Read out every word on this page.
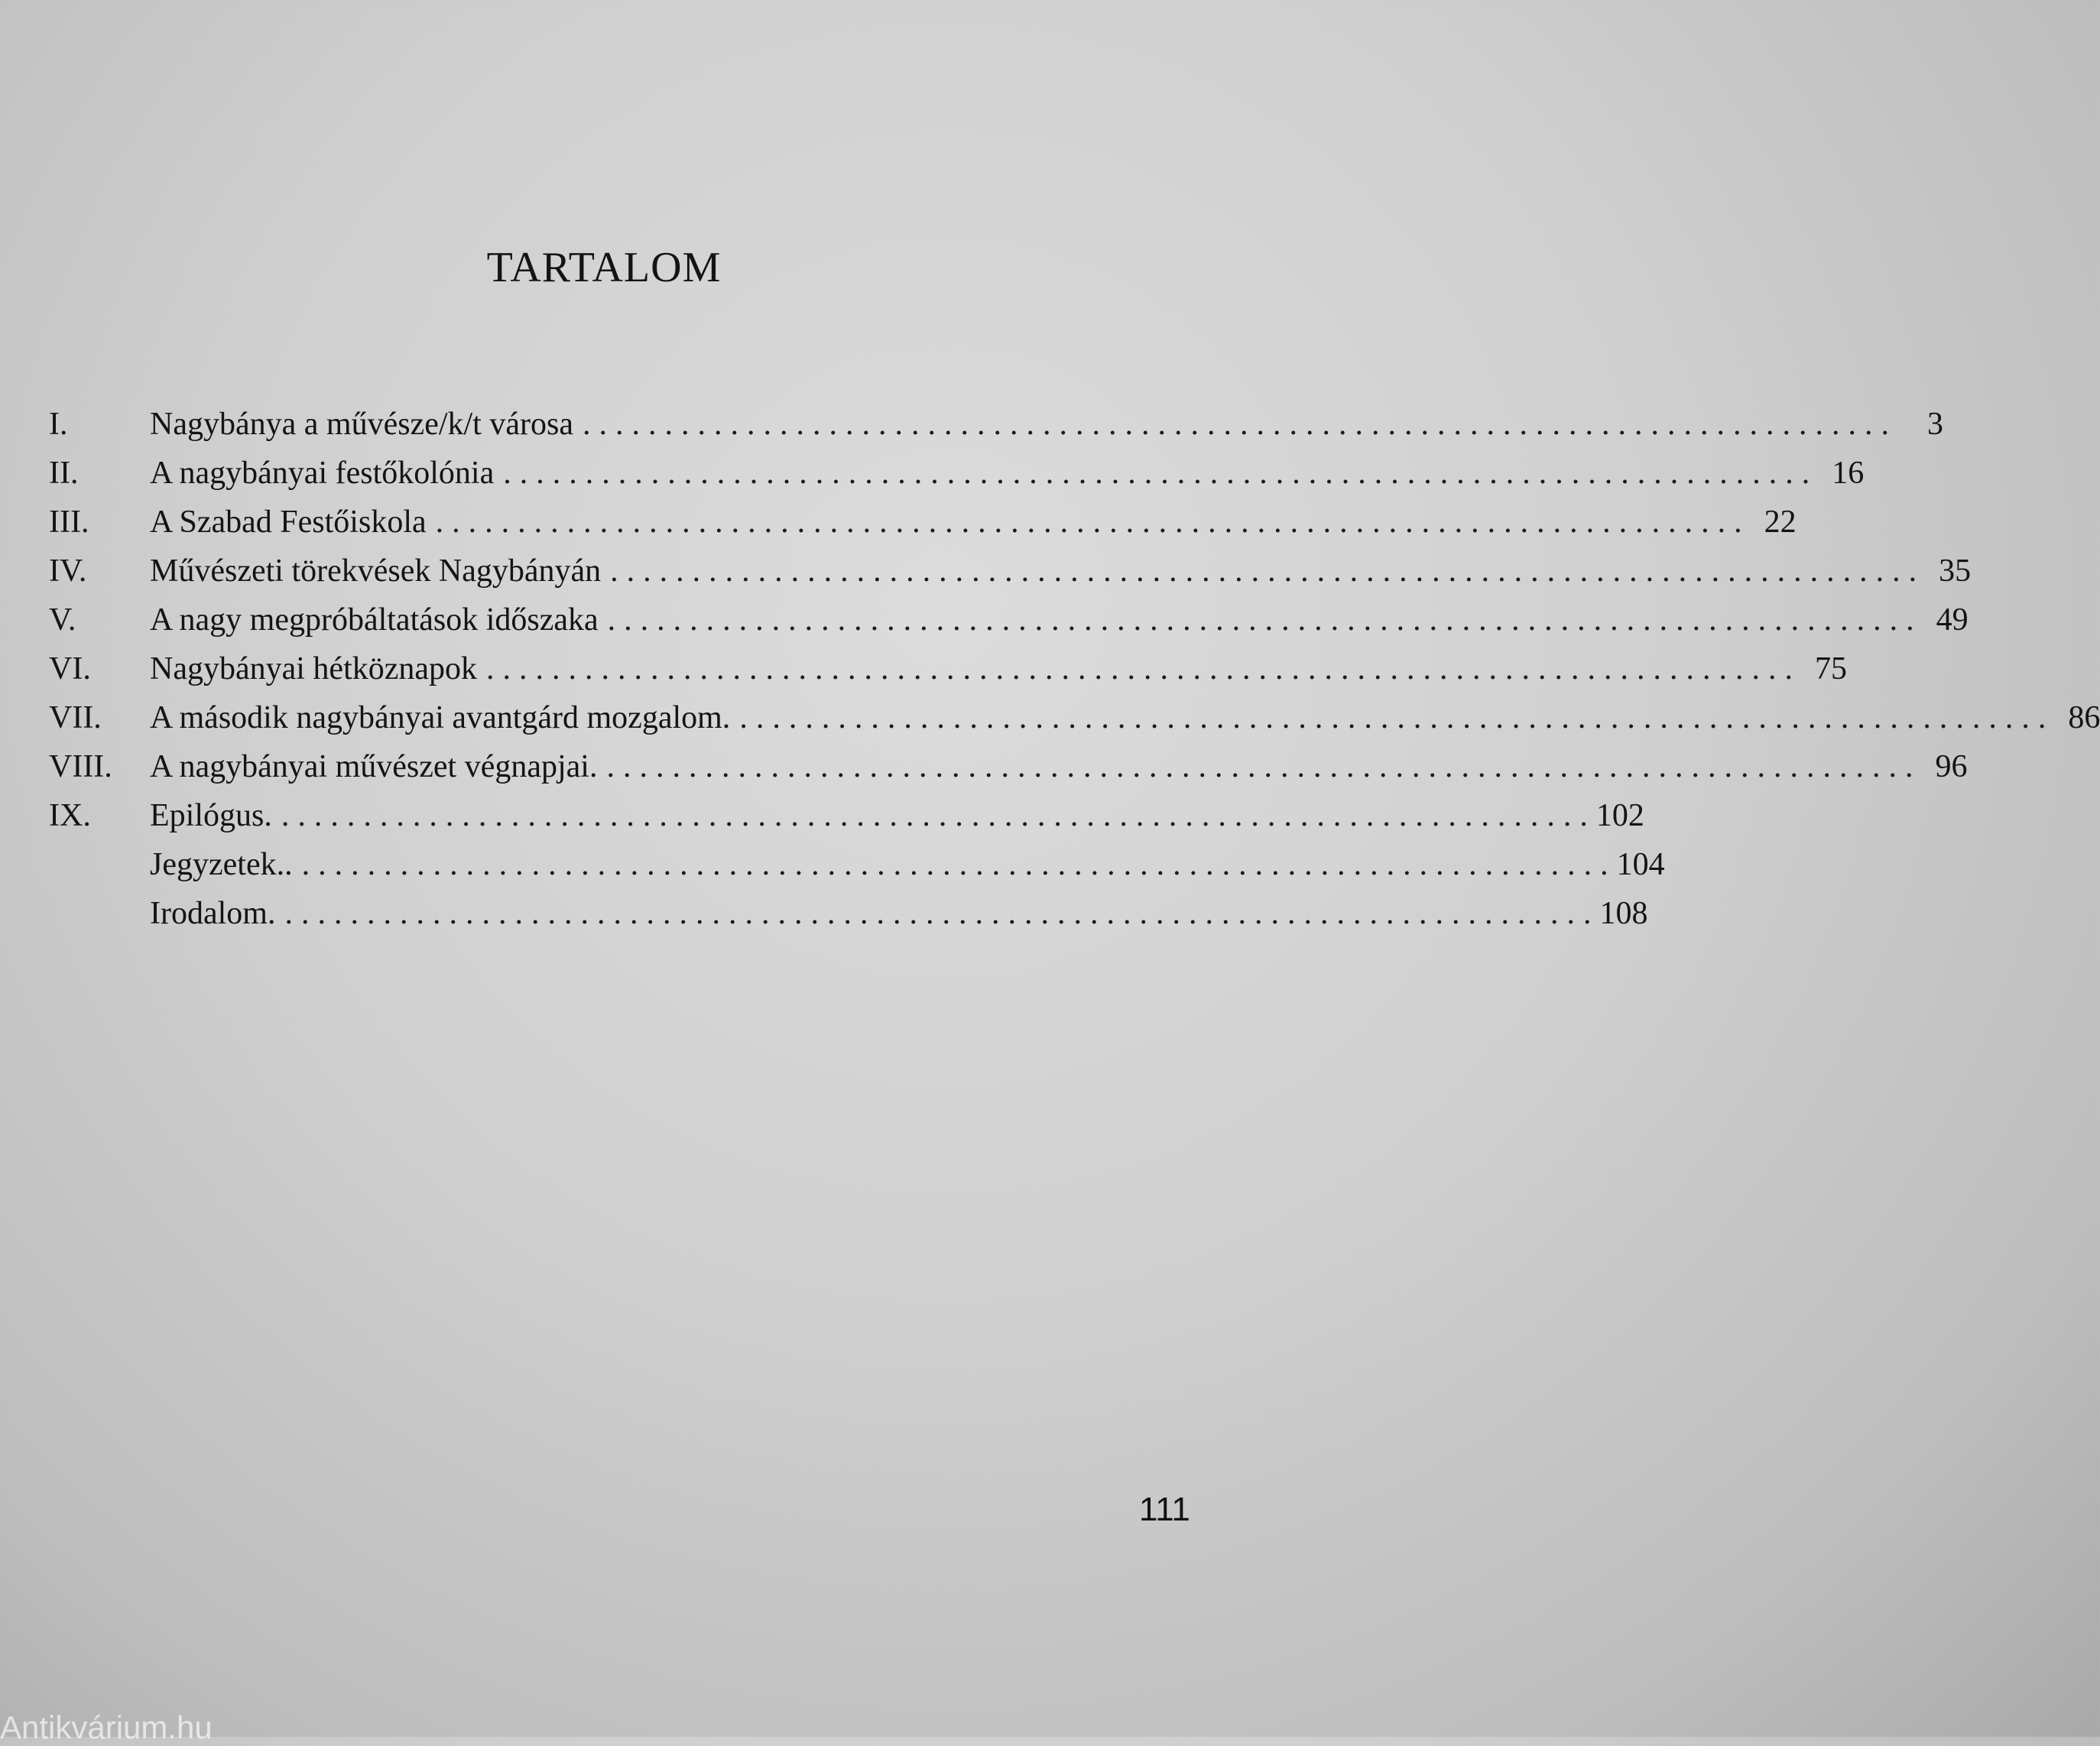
TARTALOM
I.	Nagybánya a művésze/k/t városa ................................................................................ 3
II.	A nagybányai festőkolónia ................................................................................ 16
III.	A Szabad Festőiskola ................................................................................ 22
IV.	Művészeti törekvések Nagybányán ................................................................................ 35
V.	A nagy megpróbáltatások időszaka ................................................................................ 49
VI.	Nagybányai hétköznapok ................................................................................ 75
VII.	A második nagybányai avantgárd mozgalom. ................................................................................ 86
VIII.	A nagybányai művészet végnapjai. ................................................................................ 96
IX.	Epilógus. ................................................................................ 102
Jegyzetek.. ................................................................................ 104
Irodalom. ................................................................................ 108
111
Antikvárium.hu
